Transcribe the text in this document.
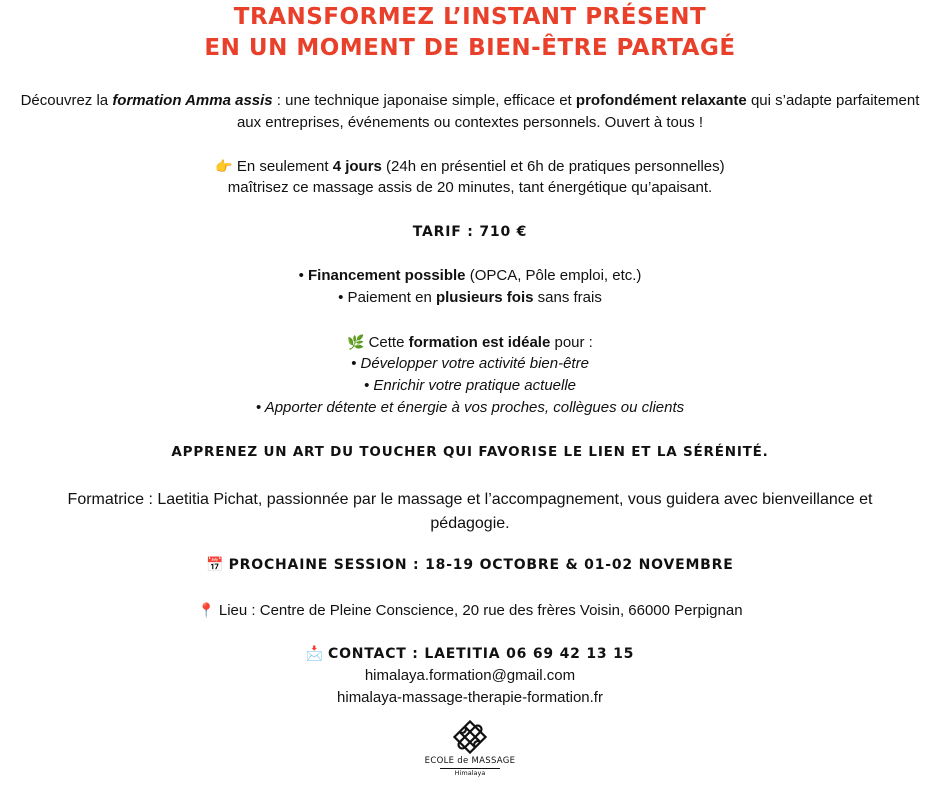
TRANSFORMEZ L’INSTANT PRÉSENT
EN UN MOMENT DE BIEN-ÊTRE PARTAGÉ

Découvrez la formation Amma assis : une technique japonaise simple, efficace et profondément relaxante qui s’adapte parfaitement aux entreprises, événements ou contextes personnels. Ouvert à tous !

👉 En seulement 4 jours (24h en présentiel et 6h de pratiques personnelles)

maîtrisez ce massage assis de 20 minutes, tant énergétique qu’apaisant.

TARIF : 710 €

• Financement possible (OPCA, Pôle emploi, etc.)

• Paiement en plusieurs fois sans frais

🌿 Cette formation est idéale pour :

• Développer votre activité bien-être

• Enrichir votre pratique actuelle

• Apporter détente et énergie à vos proches, collègues ou clients

APPRENEZ UN ART DU TOUCHER QUI FAVORISE LE LIEN ET LA SÉRÉNITÉ.

Formatrice : Laetitia Pichat, passionnée par le massage et l’accompagnement, vous guidera avec bienveillance et pédagogie.

📅 PROCHAINE SESSION : 18-19 OCTOBRE & 01-02 NOVEMBRE

📍 Lieu : Centre de Pleine Conscience, 20 rue des frères Voisin, 66000 Perpignan

📩 CONTACT : LAETITIA 06 69 42 13 15

himalaya.formation@gmail.com

himalaya-massage-therapie-formation.fr

ECOLE de MASSAGE
Himalaya
